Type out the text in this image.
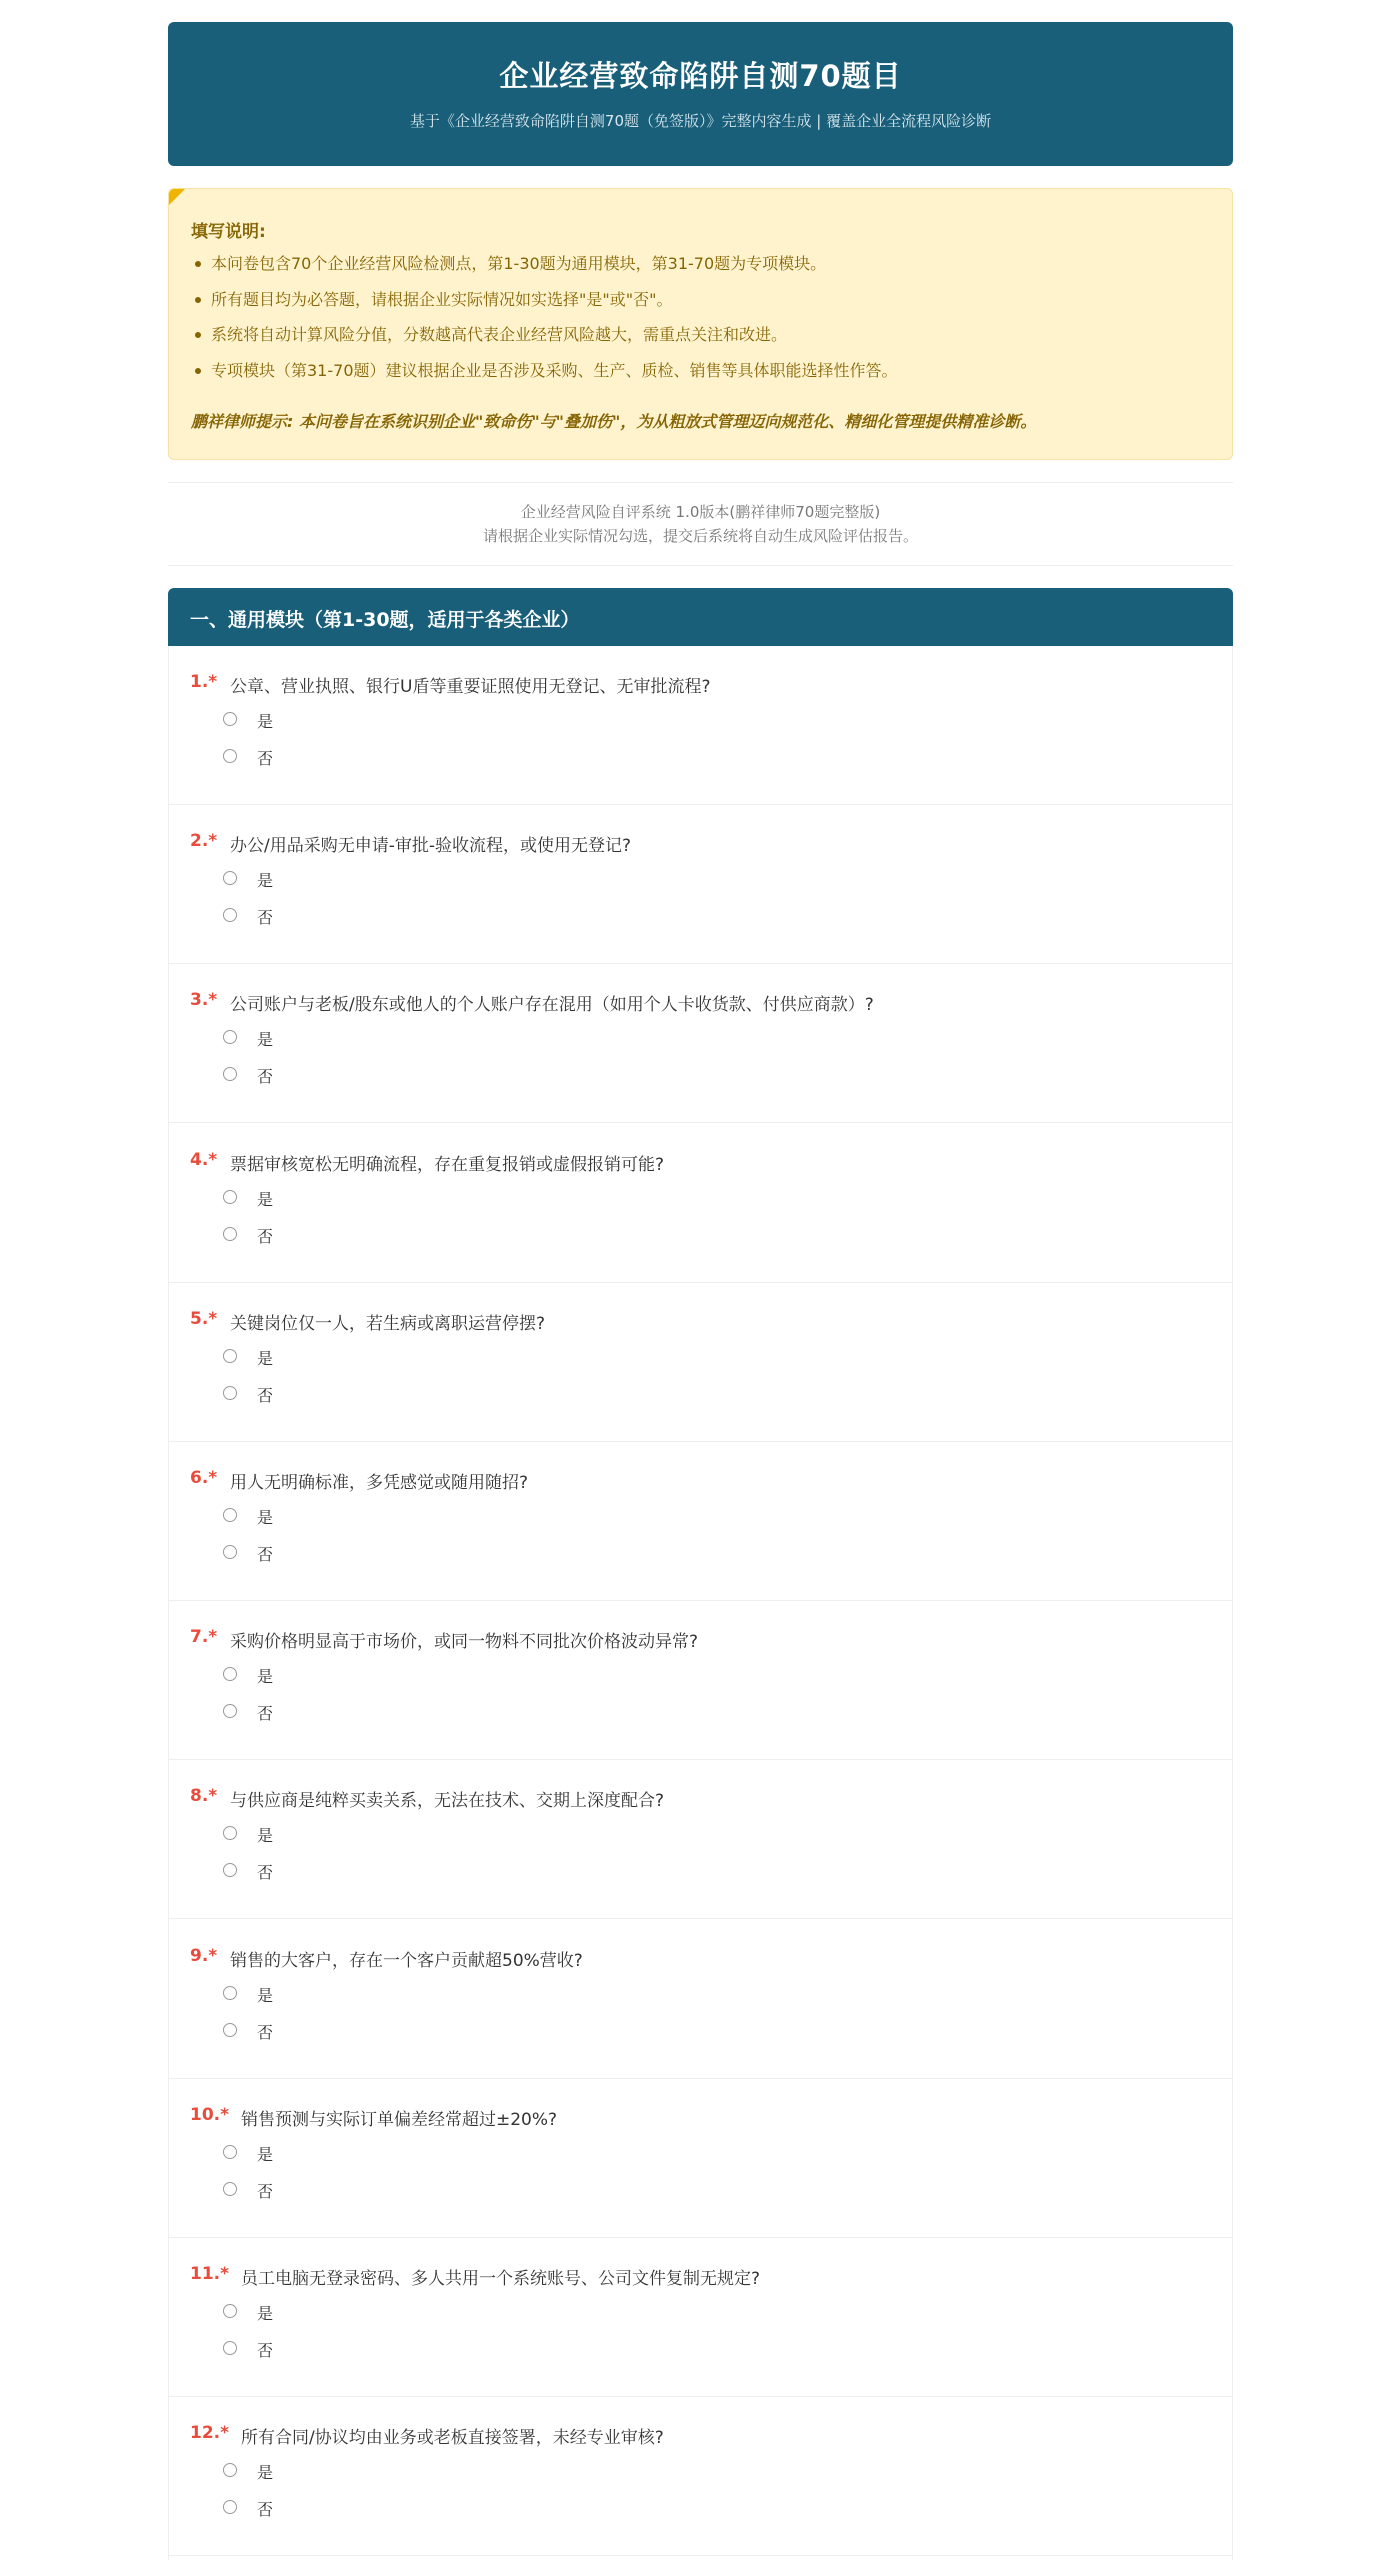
企业经营致命陷阱自测70题目
基于《企业经营致命陷阱自测70题（免签版）》完整内容生成 | 覆盖企业全流程风险诊断
填写说明:
本问卷包含70个企业经营风险检测点，第1-30题为通用模块，第31-70题为专项模块。
所有题目均为必答题，请根据企业实际情况如实选择"是"或"否"。
系统将自动计算风险分值，分数越高代表企业经营风险越大，需重点关注和改进。
专项模块（第31-70题）建议根据企业是否涉及采购、生产、质检、销售等具体职能选择性作答。
鹏祥律师提示: 本问卷旨在系统识别企业"致命伤"与"叠加伤"，为从粗放式管理迈向规范化、精细化管理提供精准诊断。
企业经营风险自评系统 1.0版本(鹏祥律师70题完整版)
请根据企业实际情况勾选，提交后系统将自动生成风险评估报告。
一、通用模块（第1-30题，适用于各类企业）
1.* 公章、营业执照、银行U盾等重要证照使用无登记、无审批流程?
是
否
2.* 办公/用品采购无申请-审批-验收流程，或使用无登记?
是
否
3.* 公司账户与老板/股东或他人的个人账户存在混用（如用个人卡收货款、付供应商款）?
是
否
4.* 票据审核宽松无明确流程，存在重复报销或虚假报销可能?
是
否
5.* 关键岗位仅一人，若生病或离职运营停摆?
是
否
6.* 用人无明确标准，多凭感觉或随用随招?
是
否
7.* 采购价格明显高于市场价，或同一物料不同批次价格波动异常?
是
否
8.* 与供应商是纯粹买卖关系，无法在技术、交期上深度配合?
是
否
9.* 销售的大客户，存在一个客户贡献超50%营收?
是
否
10.* 销售预测与实际订单偏差经常超过±20%?
是
否
11.* 员工电脑无登录密码、多人共用一个系统账号、公司文件复制无规定?
是
否
12.* 所有合同/协议均由业务或老板直接签署，未经专业审核?
是
否
